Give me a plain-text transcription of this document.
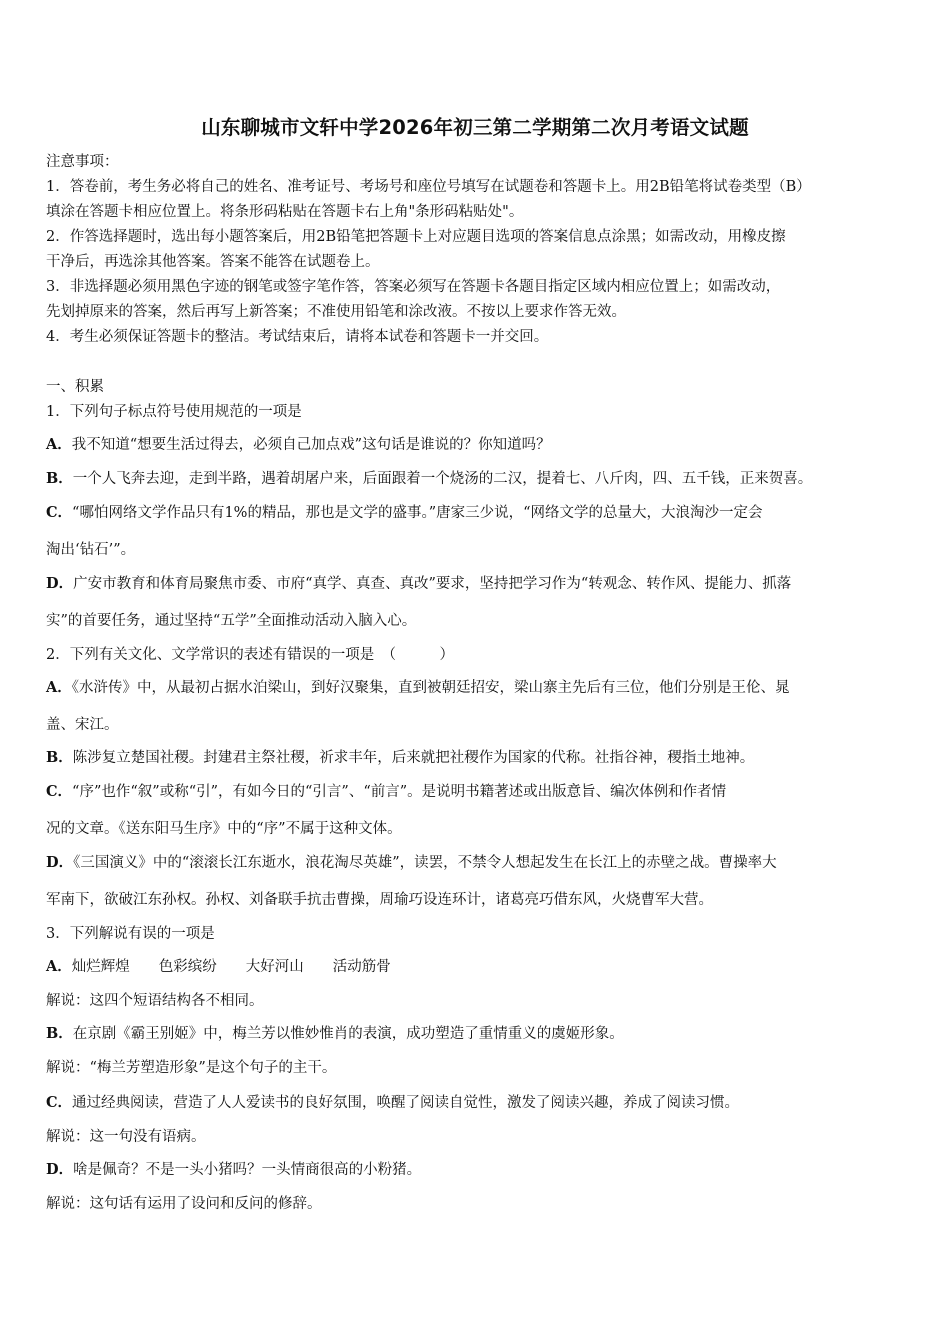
山东聊城市文轩中学2026年初三第二学期第二次月考语文试题
注意事项：
1．答卷前，考生务必将自己的姓名、准考证号、考场号和座位号填写在试题卷和答题卡上。用2B铅笔将试卷类型（B）
填涂在答题卡相应位置上。将条形码粘贴在答题卡右上角"条形码粘贴处"。
2．作答选择题时，选出每小题答案后，用2B铅笔把答题卡上对应题目选项的答案信息点涂黑；如需改动，用橡皮擦
干净后，再选涂其他答案。答案不能答在试题卷上。
3．非选择题必须用黑色字迹的钢笔或签字笔作答，答案必须写在答题卡各题目指定区域内相应位置上；如需改动，
先划掉原来的答案，然后再写上新答案；不准使用铅笔和涂改液。不按以上要求作答无效。
4．考生必须保证答题卡的整洁。考试结束后，请将本试卷和答题卡一并交回。
一、积累
1．下列句子标点符号使用规范的一项是
A．我不知道“想要生活过得去，必须自己加点戏”这句话是谁说的？你知道吗？
B．一个人飞奔去迎，走到半路，遇着胡屠户来，后面跟着一个烧汤的二汉，提着七、八斤肉，四、五千钱，正来贺喜。
C．“哪怕网络文学作品只有1%的精品，那也是文学的盛事。”唐家三少说，“网络文学的总量大，大浪淘沙一定会
淘出‘钻石’”。
D．广安市教育和体育局聚焦市委、市府“真学、真查、真改”要求，坚持把学习作为“转观念、转作风、提能力、抓落
实”的首要任务，通过坚持“五学”全面推动活动入脑入心。
2．下列有关文化、文学常识的表述有错误的一项是　（　　　）
A．《水浒传》中，从最初占据水泊梁山，到好汉聚集，直到被朝廷招安，梁山寨主先后有三位，他们分别是王伦、晁
盖、宋江。
B．陈涉复立楚国社稷。封建君主祭社稷，祈求丰年，后来就把社稷作为国家的代称。社指谷神，稷指土地神。
C．“序”也作“叙”或称“引”，有如今日的“引言”、“前言”。是说明书籍著述或出版意旨、编次体例和作者情
况的文章。《送东阳马生序》中的“序”不属于这种文体。
D．《三国演义》中的“滚滚长江东逝水，浪花淘尽英雄”，读罢，不禁令人想起发生在长江上的赤壁之战。曹操率大
军南下，欲破江东孙权。孙权、刘备联手抗击曹操，周瑜巧设连环计，诸葛亮巧借东风，火烧曹军大营。
3．下列解说有误的一项是
A．灿烂辉煌　　色彩缤纷　　大好河山　　活动筋骨
解说：这四个短语结构各不相同。
B．在京剧《霸王别姬》中，梅兰芳以惟妙惟肖的表演，成功塑造了重情重义的虞姬形象。
解说：“梅兰芳塑造形象”是这个句子的主干。
C．通过经典阅读，营造了人人爱读书的良好氛围，唤醒了阅读自觉性，激发了阅读兴趣，养成了阅读习惯。
解说：这一句没有语病。
D．啥是佩奇？不是一头小猪吗？一头情商很高的小粉猪。
解说：这句话有运用了设问和反问的修辞。
